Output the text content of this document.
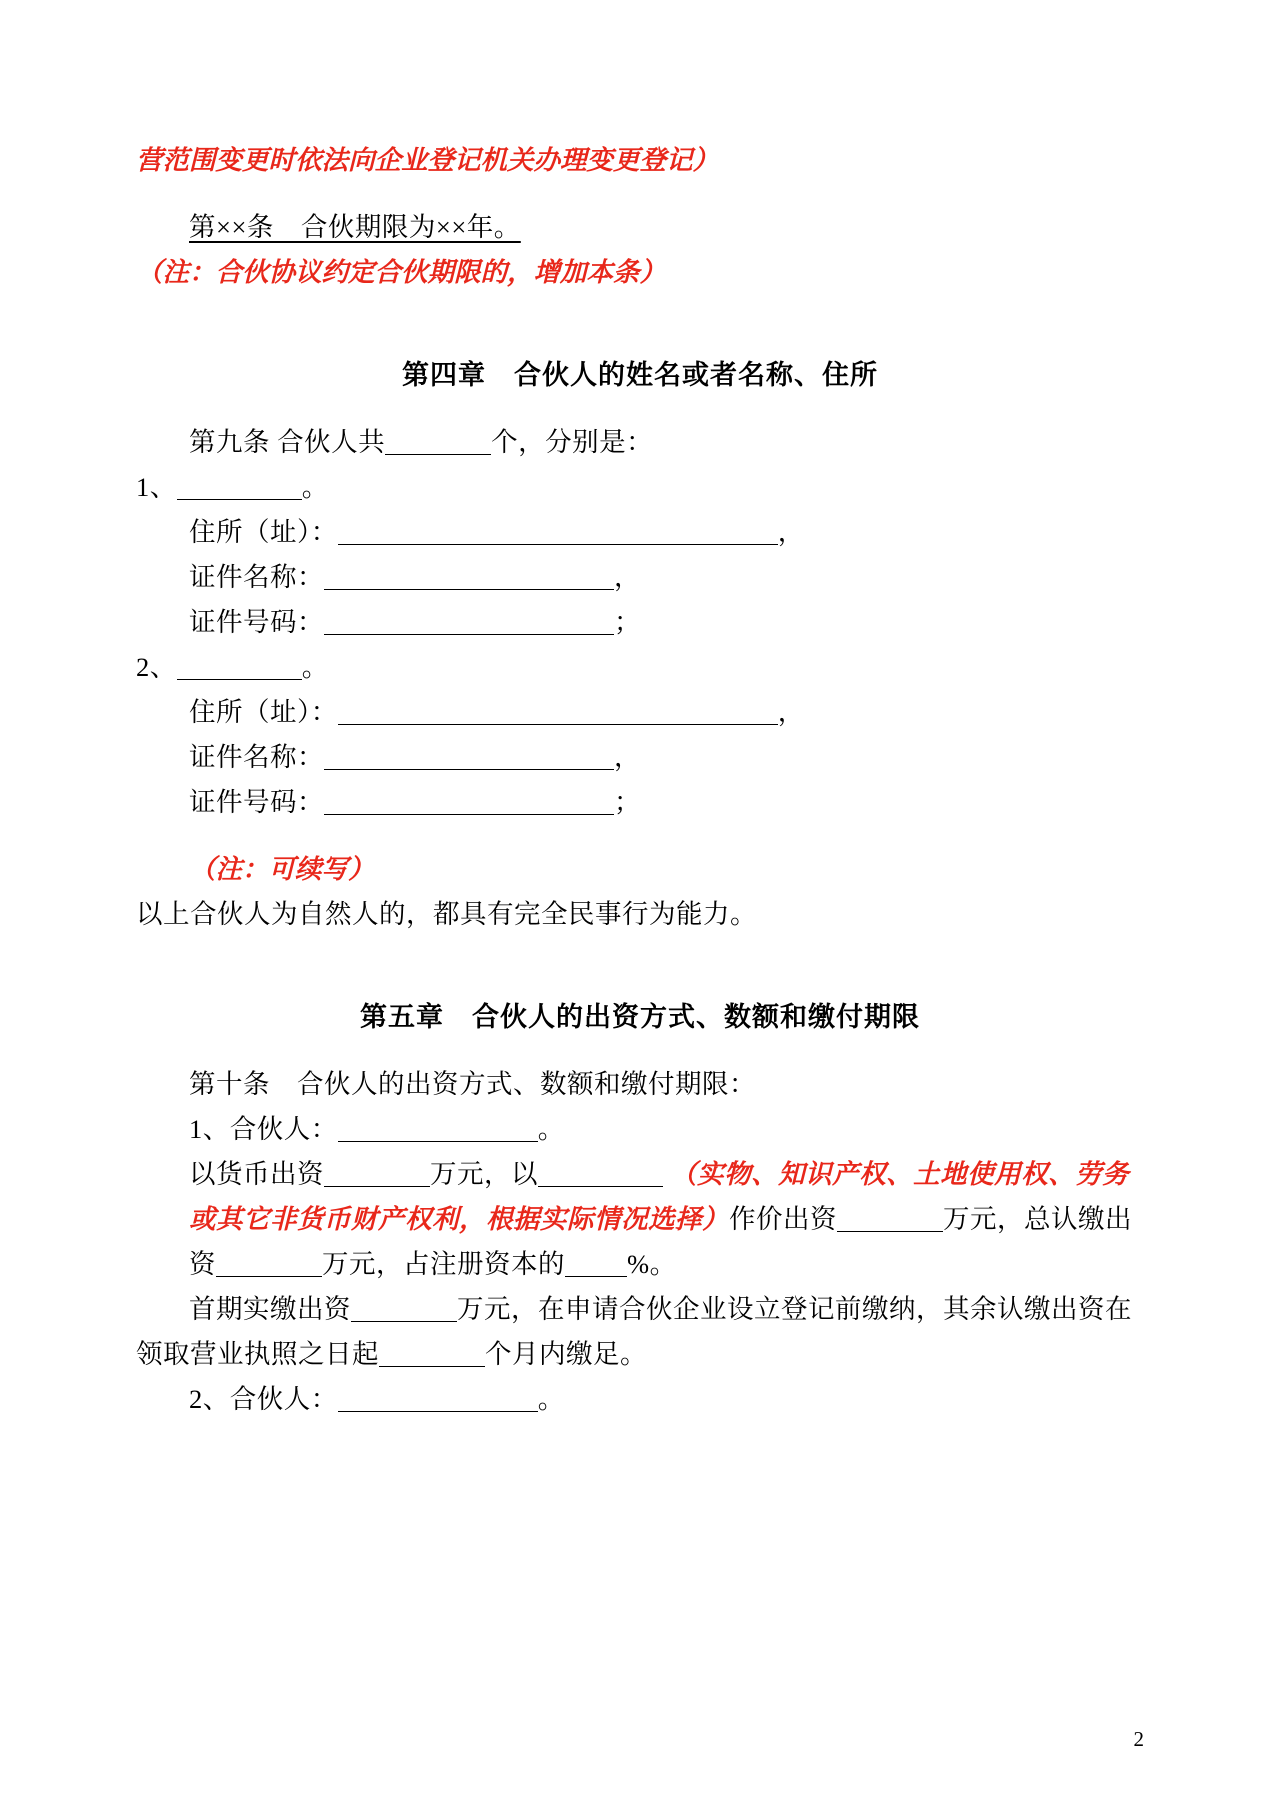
营范围变更时依法向企业登记机关办理变更登记）
第××条　合伙期限为××年。
（注：合伙协议约定合伙期限的，增加本条）
第四章　合伙人的姓名或者名称、住所
第九条 合伙人共	个，分别是：
1、	。
住所（址）：	，
证件名称：	，
证件号码：	；
2、	。
住所（址）：	，
证件名称：	，
证件号码：	；
（注：可续写）
以上合伙人为自然人的，都具有完全民事行为能力。
第五章　合伙人的出资方式、数额和缴付期限
第十条　合伙人的出资方式、数额和缴付期限：
1、合伙人：	。
以货币出资	万元，以	（实物、知识产权、土地使用权、劳务或其它非货币财产权利，根据实际情况选择）作价出资	万元，总认缴出资	万元，占注册资本的 %。
首期实缴出资	万元，在申请合伙企业设立登记前缴纳，其余认缴出资在领取营业执照之日起	个月内缴足。
2、合伙人：	。
2
